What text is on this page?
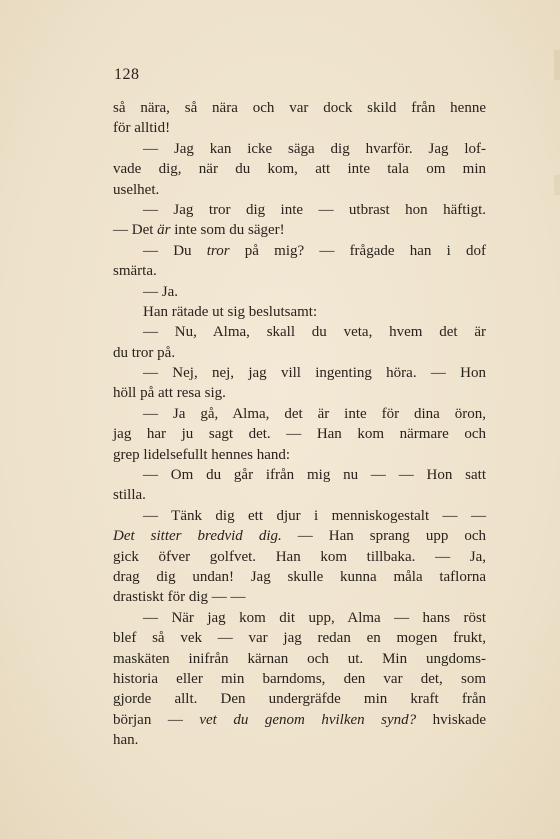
128
så nära, så nära och var dock skild från henne
för alltid!
— Jag kan icke säga dig hvarför. Jag lof-
vade dig, när du kom, att inte tala om min
uselhet.
— Jag tror dig inte — utbrast hon häftigt.
— Det är inte som du säger!
— Du tror på mig? — frågade han i dof
smärta.
— Ja.
Han rätade ut sig beslutsamt:
— Nu, Alma, skall du veta, hvem det är
du tror på.
— Nej, nej, jag vill ingenting höra. — Hon
höll på att resa sig.
— Ja gå, Alma, det är inte för dina öron,
jag har ju sagt det. — Han kom närmare och
grep lidelsefullt hennes hand:
— Om du går ifrån mig nu — — Hon satt
stilla.
— Tänk dig ett djur i menniskogestalt — —
Det sitter bredvid dig. — Han sprang upp och
gick öfver golfvet. Han kom tillbaka. — Ja,
drag dig undan! Jag skulle kunna måla taflorna
drastiskt för dig — —
— När jag kom dit upp, Alma — hans röst
blef så vek — var jag redan en mogen frukt,
maskäten inifrån kärnan och ut. Min ungdoms-
historia eller min barndoms, den var det, som
gjorde allt. Den undergräfde min kraft från
början — vet du genom hvilken synd? hviskade
han.
